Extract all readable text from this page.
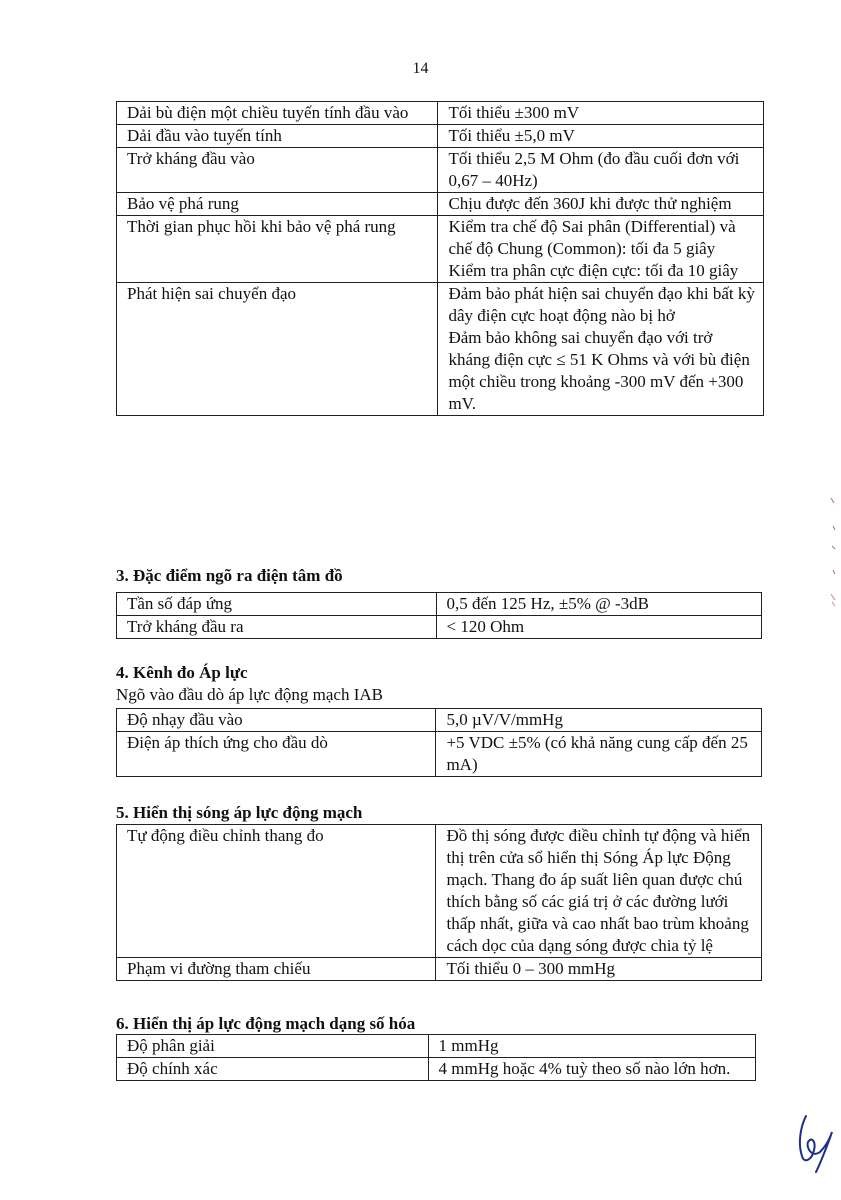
14
Dải bù điện một chiều tuyến tính đầu vào	Tối thiểu ±300 mV

Dải đầu vào tuyến tính	Tối thiểu ±5,0 mV

Trở kháng đầu vào	Tối thiểu 2,5 M Ohm (đo đầu cuối đơn với 0,67 – 40Hz)

Bảo vệ phá rung	Chịu được đến 360J khi được thử nghiệm

Thời gian phục hồi khi bảo vệ phá rung	Kiểm tra chế độ Sai phân (Differential) và chế độ Chung (Common): tối đa 5 giây

Kiểm tra phân cực điện cực: tối đa 10 giây

Phát hiện sai chuyển đạo	Đảm bảo phát hiện sai chuyển đạo khi bất kỳ dây điện cực hoạt động nào bị hở

Đảm bảo không sai chuyển đạo với trở kháng điện cực ≤ 51 K Ohms và với bù điện một chiều trong khoảng -300 mV đến +300 mV.

3. Đặc điểm ngõ ra điện tâm đồ
Tần số đáp ứng	0,5 đến 125 Hz, ±5% @ -3dB

Trở kháng đầu ra	< 120 Ohm

4. Kênh đo Áp lực
Ngõ vào đầu dò áp lực động mạch IAB
Độ nhạy đầu vào	5,0 µV/V/mmHg

Điện áp thích ứng cho đầu dò	+5 VDC ±5% (có khả năng cung cấp đến 25 mA)

5. Hiển thị sóng áp lực động mạch
Tự động điều chỉnh thang đo	Đồ thị sóng được điều chỉnh tự động và hiển thị trên cửa sổ hiển thị Sóng Áp lực Động mạch. Thang đo áp suất liên quan được chú thích bằng số các giá trị ở các đường lưới thấp nhất, giữa và cao nhất bao trùm khoảng cách dọc của dạng sóng được chia tỷ lệ

Phạm vi đường tham chiếu	Tối thiểu 0 – 300 mmHg

6. Hiển thị áp lực động mạch dạng số hóa
Độ phân giải	1 mmHg

Độ chính xác	4 mmHg hoặc 4% tuỳ theo số nào lớn hơn.
